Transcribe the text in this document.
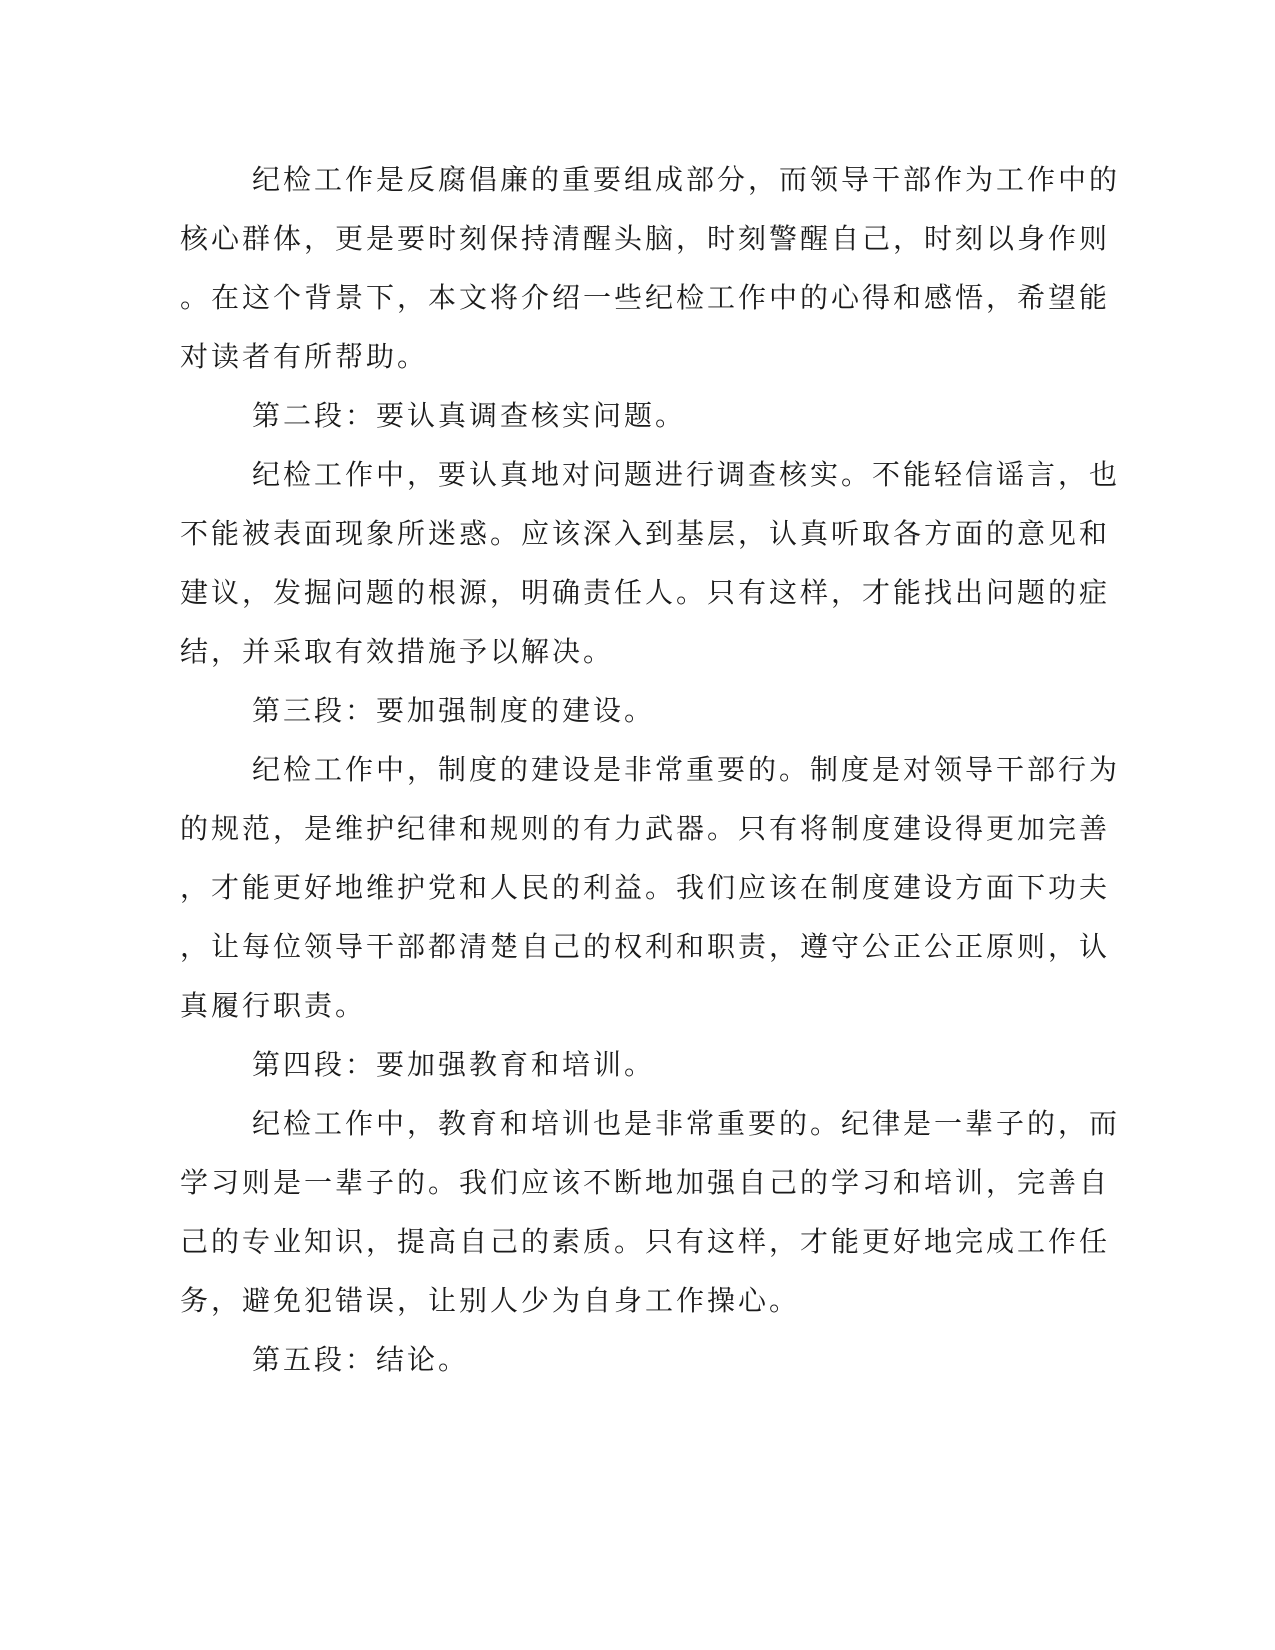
纪检工作是反腐倡廉的重要组成部分，而领导干部作为工作中的
核心群体，更是要时刻保持清醒头脑，时刻警醒自己，时刻以身作则
。在这个背景下，本文将介绍一些纪检工作中的心得和感悟，希望能
对读者有所帮助。
第二段：要认真调查核实问题。
纪检工作中，要认真地对问题进行调查核实。不能轻信谣言，也
不能被表面现象所迷惑。应该深入到基层，认真听取各方面的意见和
建议，发掘问题的根源，明确责任人。只有这样，才能找出问题的症
结，并采取有效措施予以解决。
第三段：要加强制度的建设。
纪检工作中，制度的建设是非常重要的。制度是对领导干部行为
的规范，是维护纪律和规则的有力武器。只有将制度建设得更加完善
，才能更好地维护党和人民的利益。我们应该在制度建设方面下功夫
，让每位领导干部都清楚自己的权利和职责，遵守公正公正原则，认
真履行职责。
第四段：要加强教育和培训。
纪检工作中，教育和培训也是非常重要的。纪律是一辈子的，而
学习则是一辈子的。我们应该不断地加强自己的学习和培训，完善自
己的专业知识，提高自己的素质。只有这样，才能更好地完成工作任
务，避免犯错误，让别人少为自身工作操心。
第五段：结论。
